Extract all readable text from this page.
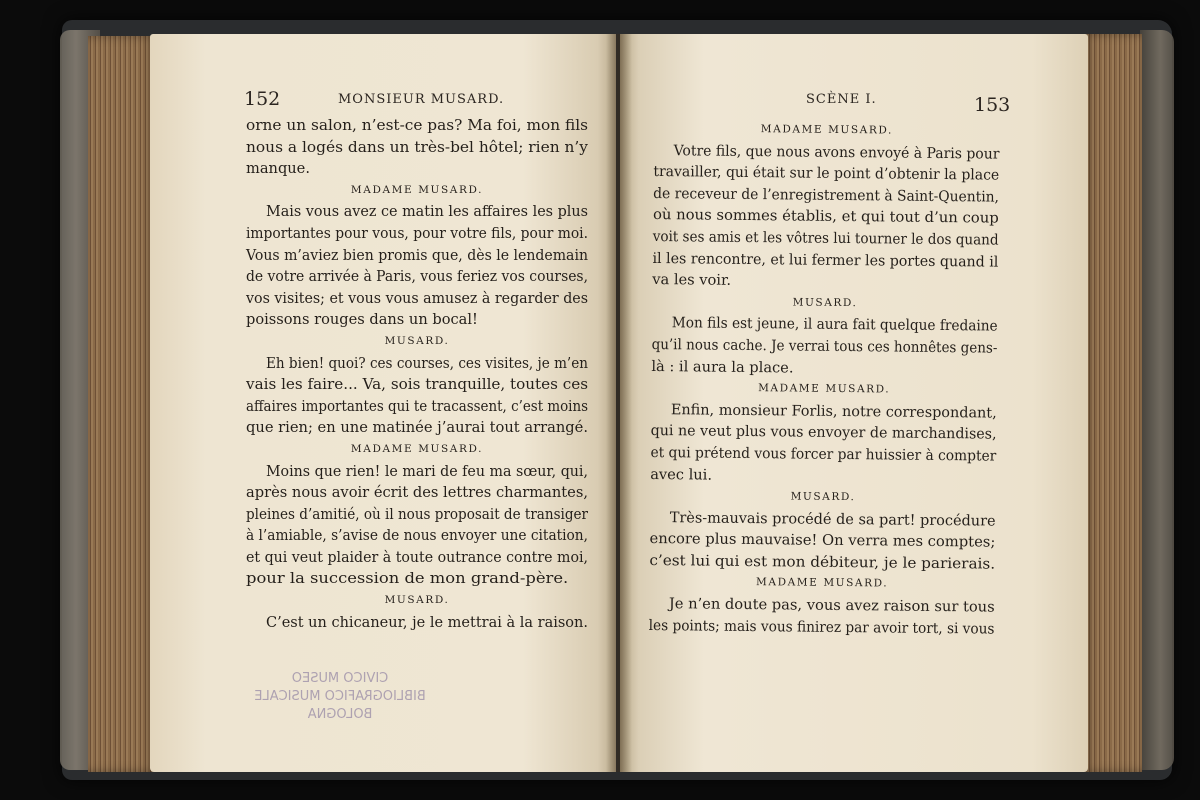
152	MONSIEUR MUSARD.	SCÈNE I.	153
orne un salon, n’est-ce pas? Ma foi, mon fils
nous a logés dans un très-bel hôtel; rien n’y
manque.
MADAME MUSARD.
Mais vous avez ce matin les affaires les plus
importantes pour vous, pour votre fils, pour moi.
Vous m’aviez bien promis que, dès le lendemain
de votre arrivée à Paris, vous feriez vos courses,
vos visites; et vous vous amusez à regarder des
poissons rouges dans un bocal!
MUSARD.
Eh bien! quoi? ces courses, ces visites, je m’en
vais les faire... Va, sois tranquille, toutes ces
affaires importantes qui te tracassent, c’est moins
que rien; en une matinée j’aurai tout arrangé.
MADAME MUSARD.
Moins que rien! le mari de feu ma sœur, qui,
après nous avoir écrit des lettres charmantes,
pleines d’amitié, où il nous proposait de transiger
à l’amiable, s’avise de nous envoyer une citation,
et qui veut plaider à toute outrance contre moi,
pour la succession de mon grand-père.
MUSARD.
C’est un chicaneur, je le mettrai à la raison.
MADAME MUSARD.
Votre fils, que nous avons envoyé à Paris pour
travailler, qui était sur le point d’obtenir la place
de receveur de l’enregistrement à Saint-Quentin,
où nous sommes établis, et qui tout d’un coup
voit ses amis et les vôtres lui tourner le dos quand
il les rencontre, et lui fermer les portes quand il
va les voir.
MUSARD.
Mon fils est jeune, il aura fait quelque fredaine
qu’il nous cache. Je verrai tous ces honnêtes gens-
là : il aura la place.
MADAME MUSARD.
Enfin, monsieur Forlis, notre correspondant,
qui ne veut plus vous envoyer de marchandises,
et qui prétend vous forcer par huissier à compter
avec lui.
MUSARD.
Très-mauvais procédé de sa part! procédure
encore plus mauvaise! On verra mes comptes;
c’est lui qui est mon débiteur, je le parierais.
MADAME MUSARD.
Je n’en doute pas, vous avez raison sur tous
les points; mais vous finirez par avoir tort, si vous
CIVICO MUSEO
BIBLIOGRAFICO MUSICALE
BOLOGNA
